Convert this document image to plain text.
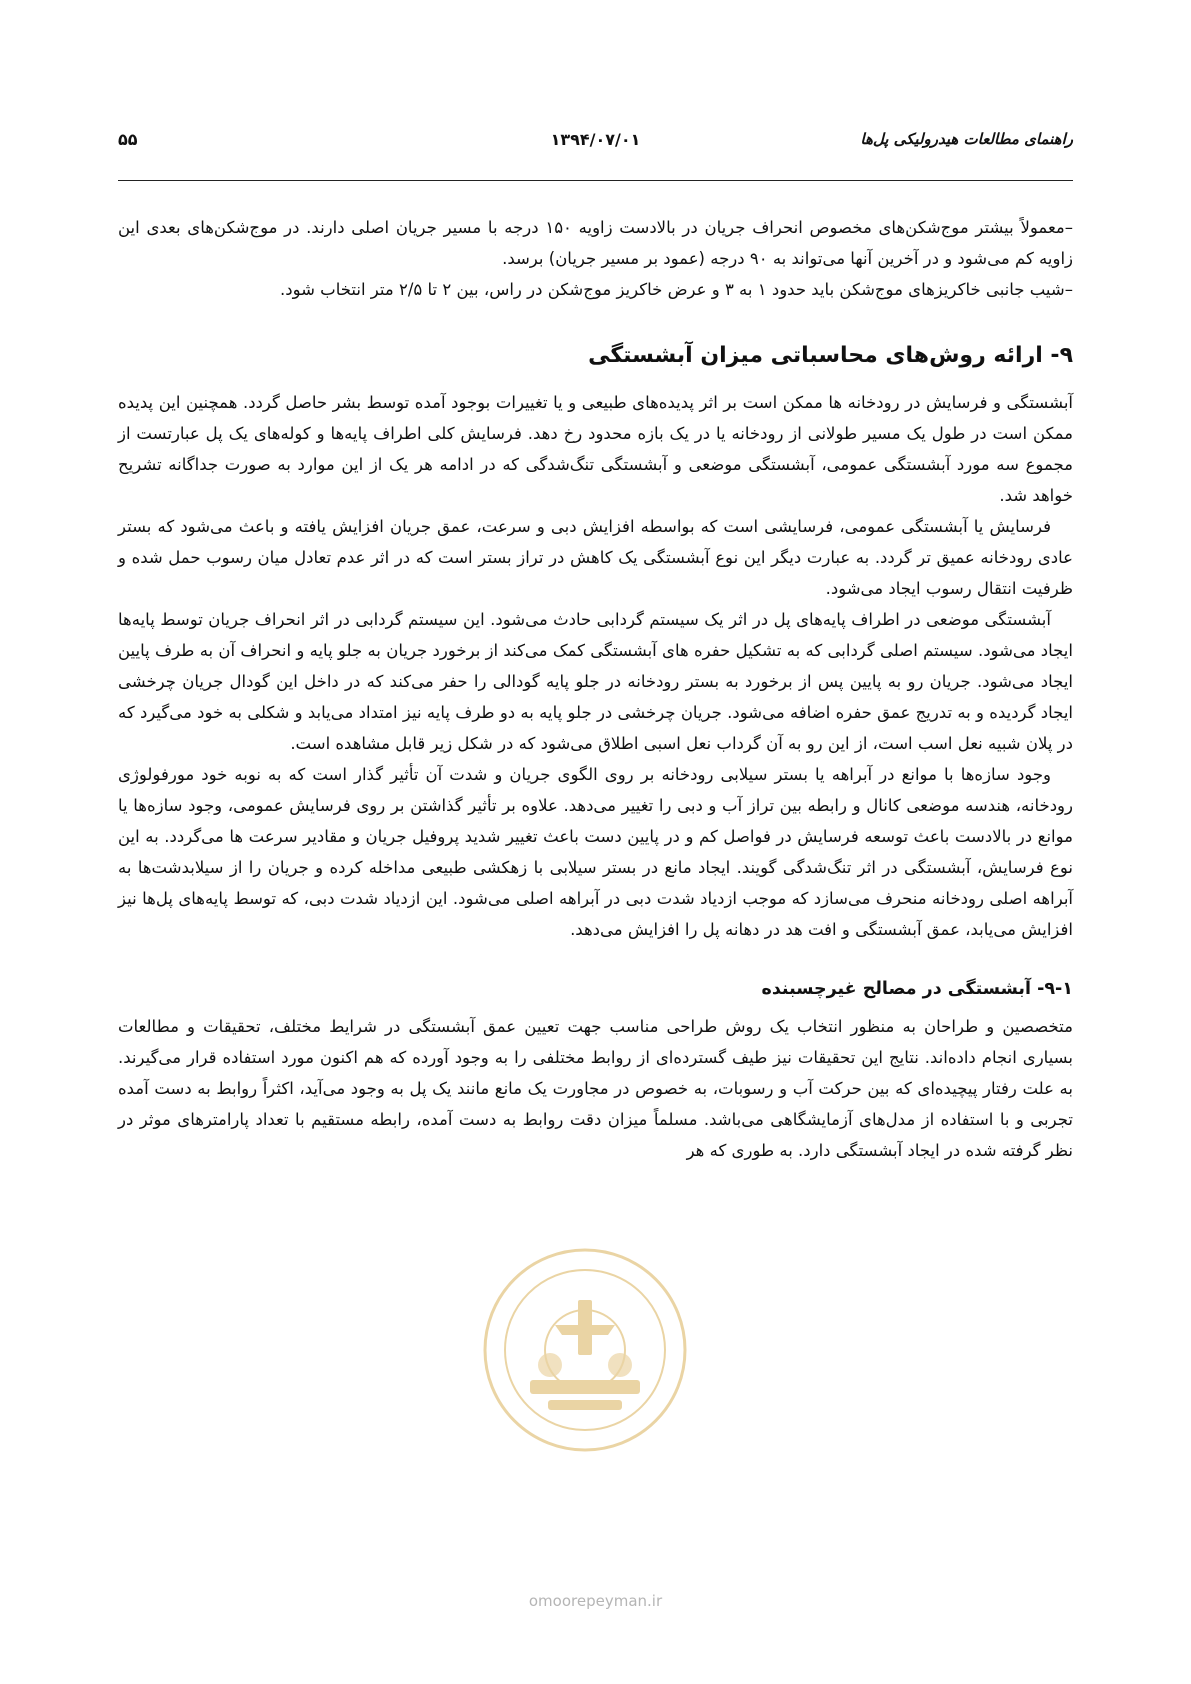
راهنمای مطالعات هیدرولیکی پل‌ها
۱۳۹۴/۰۷/۰۱
۵۵

–معمولاً بیشتر موج‌شکن‌های مخصوص انحراف جریان در بالادست زاویه ۱۵۰ درجه با مسیر جریان اصلی دارند. در موج‌شکن‌های بعدی این زاویه کم می‌شود و در آخرین آنها می‌تواند به ۹۰ درجه (عمود بر مسیر جریان) برسد.

–شیب جانبی خاکریزهای موج‌شکن باید حدود ۱ به ۳ و عرض خاکریز موج‌شکن در راس، بین ۲ تا ۲/۵ متر انتخاب شود.

۹- ارائه روش‌های محاسباتی میزان آبشستگی

آبشستگی و فرسایش در رودخانه ها ممکن است بر اثر پدیده‌های طبیعی و یا تغییرات بوجود آمده توسط بشر حاصل گردد. همچنین این پدیده ممکن است در طول یک مسیر طولانی از رودخانه یا در یک بازه محدود رخ دهد. فرسایش کلی اطراف پایه‌ها و کوله‌های یک پل عبارتست از مجموع سه مورد آبشستگی عمومی، آبشستگی موضعی و آبشستگی تنگ‌شدگی که در ادامه هر یک از این موارد به صورت جداگانه تشریح خواهد شد.

فرسایش یا آبشستگی عمومی، فرسایشی است که بواسطه افزایش دبی و سرعت، عمق جریان افزایش یافته و باعث می‌شود که بستر عادی رودخانه عمیق تر گردد. به عبارت دیگر این نوع آبشستگی یک کاهش در تراز بستر است که در اثر عدم تعادل میان رسوب حمل شده و ظرفیت انتقال رسوب ایجاد می‌شود.

آبشستگی موضعی در اطراف پایه‌های پل در اثر یک سیستم گردابی حادث می‌شود. این سیستم گردابی در اثر انحراف جریان توسط پایه‌ها ایجاد می‌شود. سیستم اصلی گردابی که به تشکیل حفره های آبشستگی کمک می‌کند از برخورد جریان به جلو پایه و انحراف آن به طرف پایین ایجاد می‌شود. جریان رو به پایین پس از برخورد به بستر رودخانه در جلو پایه گودالی را حفر می‌کند که در داخل این گودال جریان چرخشی ایجاد گردیده و به تدریج عمق حفره اضافه می‌شود. جریان چرخشی در جلو پایه به دو طرف پایه نیز امتداد می‌یابد و شکلی به خود می‌گیرد که در پلان شبیه نعل اسب است، از این رو به آن گرداب نعل اسبی اطلاق می‌شود که در شکل زیر قابل مشاهده است.

وجود سازه‌ها با موانع در آبراهه یا بستر سیلابی رودخانه بر روی الگوی جریان و شدت آن تأثیر گذار است که به نوبه خود مورفولوژی رودخانه، هندسه موضعی کانال و رابطه بین تراز آب و دبی را تغییر می‌دهد. علاوه بر تأثیر گذاشتن بر روی فرسایش عمومی، وجود سازه‌ها یا موانع در بالادست باعث توسعه فرسایش در فواصل کم و در پایین دست باعث تغییر شدید پروفیل جریان و مقادیر سرعت ها می‌گردد. به این نوع فرسایش، آبشستگی در اثر تنگ‌شدگی گویند. ایجاد مانع در بستر سیلابی با زهکشی طبیعی مداخله کرده و جریان را از سیلابدشت‌ها به آبراهه اصلی رودخانه منحرف می‌سازد که موجب ازدیاد شدت دبی در آبراهه اصلی می‌شود. این ازدیاد شدت دبی، که توسط پایه‌های پل‌ها نیز افزایش می‌یابد، عمق آبشستگی و افت هد در دهانه پل را افزایش می‌دهد.

۹-۱- آبشستگی در مصالح غیرچسبنده

متخصصین و طراحان به منظور انتخاب یک روش طراحی مناسب جهت تعیین عمق آبشستگی در شرایط مختلف، تحقیقات و مطالعات بسیاری انجام داده‌اند. نتایج این تحقیقات نیز طیف گسترده‌ای از روابط مختلفی را به وجود آورده که هم اکنون مورد استفاده قرار می‌گیرند. به علت رفتار پیچیده‌ای که بین حرکت آب و رسوبات، به خصوص در مجاورت یک مانع مانند یک پل به وجود می‌آید، اکثراً روابط به دست آمده تجربی و با استفاده از مدل‌های آزمایشگاهی می‌باشد. مسلماً میزان دقت روابط به دست آمده، رابطه مستقیم با تعداد پارامترهای موثر در نظر گرفته شده در ایجاد آبشستگی دارد. به طوری که هر

omoorepeyman.ir
